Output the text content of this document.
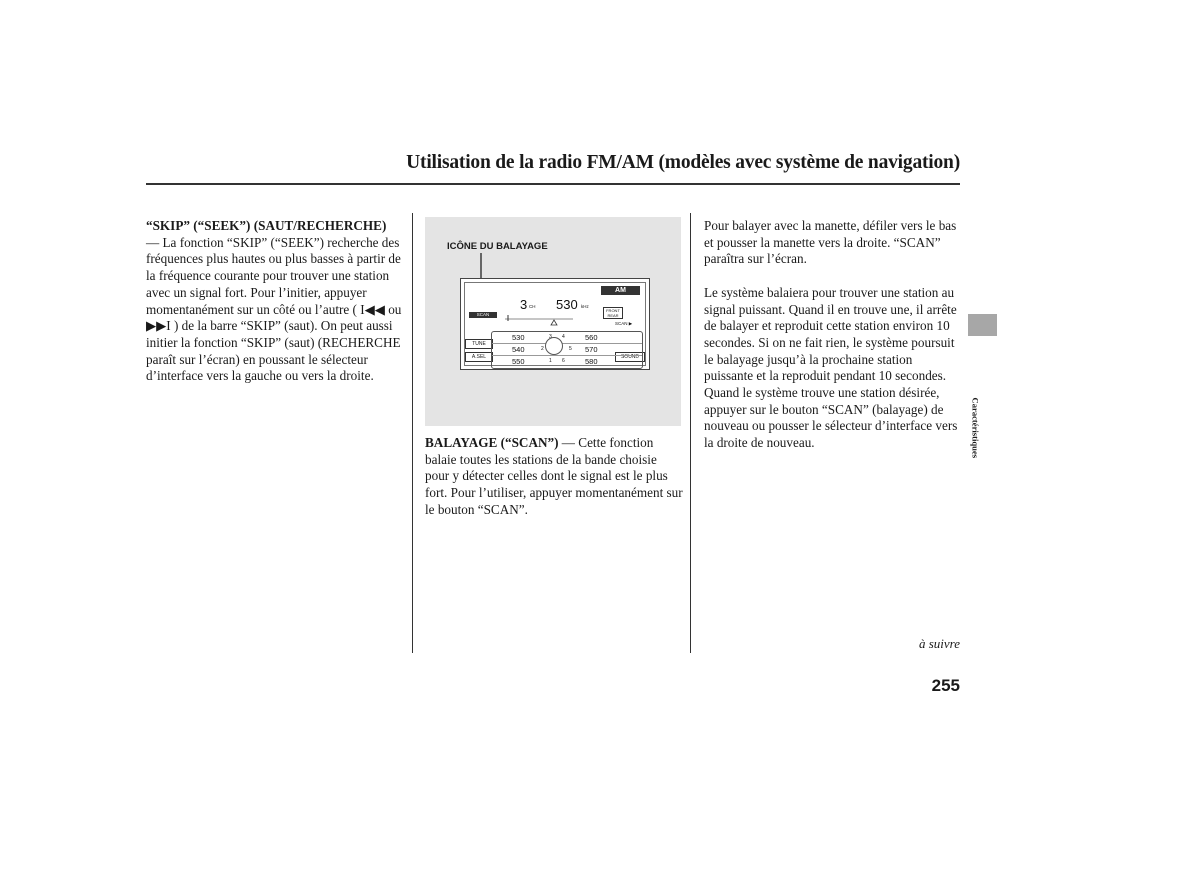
Utilisation de la radio FM/AM (modèles avec système de navigation)
“SKIP” (“SEEK”) (SAUT/RECHERCHE)
— La fonction “SKIP” (“SEEK”) recherche des fréquences plus hautes ou plus basses à partir de la fréquence courante pour trouver une station avec un signal fort. Pour l’initier, appuyer momentanément sur un côté ou l’autre ( I◀◀ ou ▶▶I ) de la barre “SKIP” (saut). On peut aussi initier la fonction “SKIP” (saut) (RECHERCHE paraît sur l’écran) en poussant le sélecteur d’interface vers la gauche ou vers la droite.
ICÔNE DU BALAYAGE
AM
3 CH 530 kHz
SCAN
FRONT
REAR
SCAN ▶
TUNE
A.SEL	SOUND
530
540
550
2
1
560
570
580
4
5
6
BALAYAGE (“SCAN”) — Cette fonction balaie toutes les stations de la bande choisie pour y détecter celles dont le signal est le plus fort. Pour l’utiliser, appuyer momentanément sur le bouton “SCAN”.

Pour balayer avec la manette, défiler vers le bas et pousser la manette vers la droite. “SCAN” paraîtra sur l’écran.

Le système balaiera pour trouver une station au signal puissant. Quand il en trouve une, il arrête de balayer et reproduit cette station environ 10 secondes. Si on ne fait rien, le système poursuit le balayage jusqu’à la prochaine station puissante et la reproduit pendant 10 secondes. Quand le système trouve une station désirée, appuyer sur le bouton “SCAN” (balayage) de nouveau ou pousser le sélecteur d’interface vers la droite de nouveau.	Caractéristiques
à suivre
255
